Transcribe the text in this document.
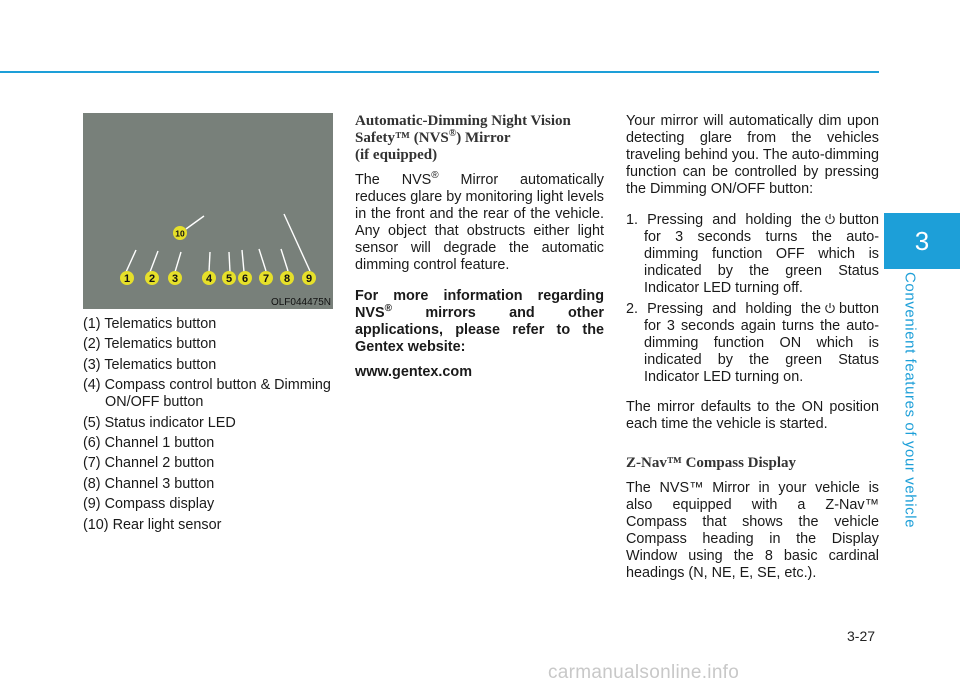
3
Convenient features of your vehicle
1 2 3	4 5 6 7 8 9
10
OLF044475N
(1) Telematics button
(2) Telematics button
(3) Telematics button
(4) Compass control button & Dimming ON/OFF button
(5) Status indicator LED
(6) Channel 1 button
(7) Channel 2 button
(8) Channel 3 button
(9) Compass display
(10) Rear light sensor
Automatic-Dimming Night Vision Safety™ (NVS®) Mirror
(if equipped)
The NVS® Mirror automatically reduces glare by monitoring light levels in the front and the rear of the vehicle. Any object that obstructs either light sensor will degrade the automatic dimming control feature.
For more information regarding NVS® mirrors and other applications, please refer to the Gentex website:
www.gentex.com
Your mirror will automatically dim upon detecting glare from the vehicles traveling behind you. The auto-dimming function can be controlled by pressing the Dimming ON/OFF button:
1. Pressing and holding the button for 3 seconds turns the auto-dimming function OFF which is indicated by the green Status Indicator LED turning off.
2. Pressing and holding the button for 3 seconds again turns the auto-dimming function ON which is indicated by the green Status Indicator LED turning on.
The mirror defaults to the ON position each time the vehicle is started.
Z-Nav™ Compass Display
The NVS™ Mirror in your vehicle is also equipped with a Z-Nav™ Compass that shows the vehicle Compass heading in the Display Window using the 8 basic cardinal headings (N, NE, E, SE, etc.).
3-27
carmanualsonline.info
